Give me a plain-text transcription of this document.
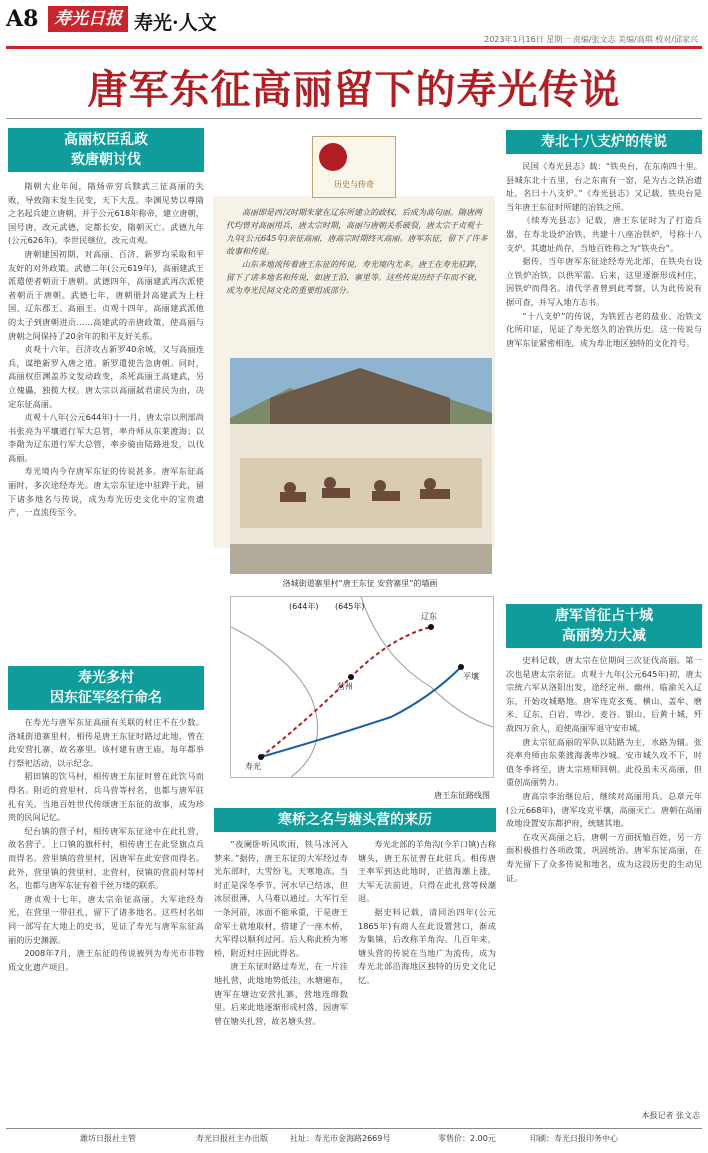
A8 寿光日报 寿光·人文
2023年1月16日 星期一 责编/张文志 美编/高琪 校对/邱家兴
唐军东征高丽留下的寿光传说
高丽权臣乱政
致唐朝讨伐

隋朝大业年间，隋炀帝穷兵黩武三征高丽的失败，导致隋末发生民变，天下大乱。李渊见势以尊隋之名起兵建立唐朝，并于公元618年称帝，建立唐朝，国号唐，改元武德，定都长安，隋朝灭亡。武德九年(公元626年)，李世民继位，改元贞观。

唐朝建国初期，对高丽、百济、新罗均采取和平友好的对外政策。武德二年(公元619年)，高丽建武王派遣使者朝贡于唐朝。武德四年，高丽建武再次派使者朝贡于唐朝。武德七年，唐朝册封高建武为上柱国、辽东郡王、高丽王。贞观十四年，高丽建武派他的太子到唐朝进贡……高建武的亲唐政策，使高丽与唐朝之间保持了20余年的和平友好关系。

贞观十六年，百济攻占新罗40余城，又与高丽连兵，谋绝新罗入唐之道。新罗遣使告急唐朝。同时，高丽权臣渊盖苏文发动政变，杀死高丽王高建武，另立傀儡，独揽大权。唐太宗以高丽弑君虐民为由，决定东征高丽。

贞观十八年(公元644年)十一月，唐太宗以刑部尚书张亮为平壤道行军大总管，率舟师从东莱渡海；以李勣为辽东道行军大总管，率步骑由陆路进发，以伐高丽。

寿光境内今存唐军东征的传说甚多。唐军东征高丽时，多次途经寿光。唐太宗东征途中驻跸于此，留下诸多地名与传说，成为寿光历史文化中的宝贵遗产，一直流传至今。

寿光多村
因东征军经行命名

在寿光与唐军东征高丽有关联的村庄不在少数。洛城街道寨里村，相传是唐王东征时路过此地，曾在此安营扎寨，故名寨里。该村建有唐王庙，每年都举行祭祀活动，以示纪念。

稻田镇的饮马村，相传唐王东征时曾在此饮马而得名。附近的营里村、兵马营等村名，也都与唐军驻扎有关。当地百姓世代传颂唐王东征的故事，成为珍贵的民间记忆。

纪台镇的营子村，相传唐军东征途中在此扎营，故名营子。上口镇的旗杆村，相传唐王在此竖旗点兵而得名。营里镇的营里村，因唐军在此安营而得名。此外，营里镇的营里村、北营村，侯镇的营前村等村名，也都与唐军东征有着千丝万缕的联系。

唐贞观十七年，唐太宗亲征高丽，大军途经寿光，在营里一带驻扎，留下了诸多地名。这些村名如同一部写在大地上的史书，见证了寿光与唐军东征高丽的历史渊源。

2008年7月，唐王东征的传说被列为寿光市非物质文化遗产项目。

历史与传奇

高丽即是西汉时期朱蒙在辽东所建立的政权，后成为高句丽。隋唐两代均曾对高丽用兵，唐太宗时期，高丽与唐朝关系破裂，唐太宗于贞观十九年(公元645年)亲征高丽，唐高宗时期终灭高丽。唐军东征，留下了许多故事和传说。

山东多地流传着唐王东征的传说，寿光境内尤多。唐王在寿光驻跸，留下了诸多地名和传说，如唐王泊、寨里等。这些传说历经千年而不衰，成为寿光民间文化的重要组成部分。

洛城街道寨里村“唐王东征 安营寨里”的墙画
(644年) (645年)
寿光
营州
辽东
平壤
唐王东征路线图
寒桥之名与塘头营的来历

“夜阑卧听风吹雨，铁马冰河入梦来。”据传，唐王东征的大军经过寿光东部时，大雪纷飞，天寒地冻。当时正是深冬季节，河水早已结冰，但冰层很薄，人马难以通过。大军行至一条河前，冰面不能承重，于是唐王命军士就地取材，搭建了一座木桥，大军得以顺利过河。后人称此桥为寒桥，附近村庄因此得名。

唐王东征时路过寿光，在一片洼地扎营，此地地势低洼，水塘遍布，唐军在塘边安营扎寨，营地连绵数里。后来此地逐渐形成村落，因唐军曾在塘头扎营，故名塘头营。

寿光北部的羊角沟(今羊口镇)古称塘头，唐王东征曾在此驻兵。相传唐王率军到达此地时，正值海潮上涨，大军无法前进，只得在此扎营等候潮退。

据史料记载，清同治四年(公元1865年)有商人在此设置营口，渐成为集镇，后改称羊角沟。几百年来，塘头营的传说在当地广为流传，成为寿光北部沿海地区独特的历史文化记忆。

寿北十八支炉的传说

民国《寿光县志》载：“铁央台，在东南四十里。县城东北十五里，台之东南有一窑，是为古之铁冶遗址，名曰十八支炉。”《寿光县志》又记载，铁央台是当年唐王东征时所建的冶铁之所。

《续寿光县志》记载，唐王东征时为了打造兵器，在寿北设炉冶铁，共建十八座冶铁炉，号称十八支炉。其遗址尚存，当地百姓称之为“铁央台”。

据传，当年唐军东征途经寿光北部，在铁央台设立铁炉冶铁，以供军需。后来，这里逐渐形成村庄，因铁炉而得名。清代学者曾到此考察，认为此传说有据可查，并写入地方志书。

“十八支炉”的传说，为铁匠古老的盐业、冶铁文化所印证，见证了寿光悠久的冶铁历史。这一传说与唐军东征紧密相连，成为寿北地区独特的文化符号。

唐军首征占十城
高丽势力大减

史料记载，唐太宗在位期间三次征伐高丽。第一次也是唐太宗亲征。贞观十九年(公元645年)初，唐太宗统六军从洛阳出发，途经定州、幽州、临渝关入辽东，开始攻城略地。唐军连克玄菟、横山、盖牟、磨米、辽东、白岩、卑沙、麦谷、银山、后黄十城，歼敌四万余人，迫使高丽军退守安市城。

唐太宗征高丽的军队以陆路为主，水路为辅。张亮率舟师由东莱渡海袭卑沙城。安市城久攻不下，时值冬季将至，唐太宗班师回朝。此役虽未灭高丽，但重创高丽势力。

唐高宗李治继位后，继续对高丽用兵。总章元年(公元668年)，唐军攻克平壤，高丽灭亡。唐朝在高丽故地设置安东都护府，统辖其地。

在攻灭高丽之后，唐朝一方面抚恤百姓，另一方面积极推行各项政策，巩固统治。唐军东征高丽，在寿光留下了众多传说和地名，成为这段历史的生动见证。

本报记者 张文志
潍坊日报社主管	寿光日报社主办出版	社址：寿光市金海路2669号	零售价：2.00元	印刷：寿光日报印务中心
